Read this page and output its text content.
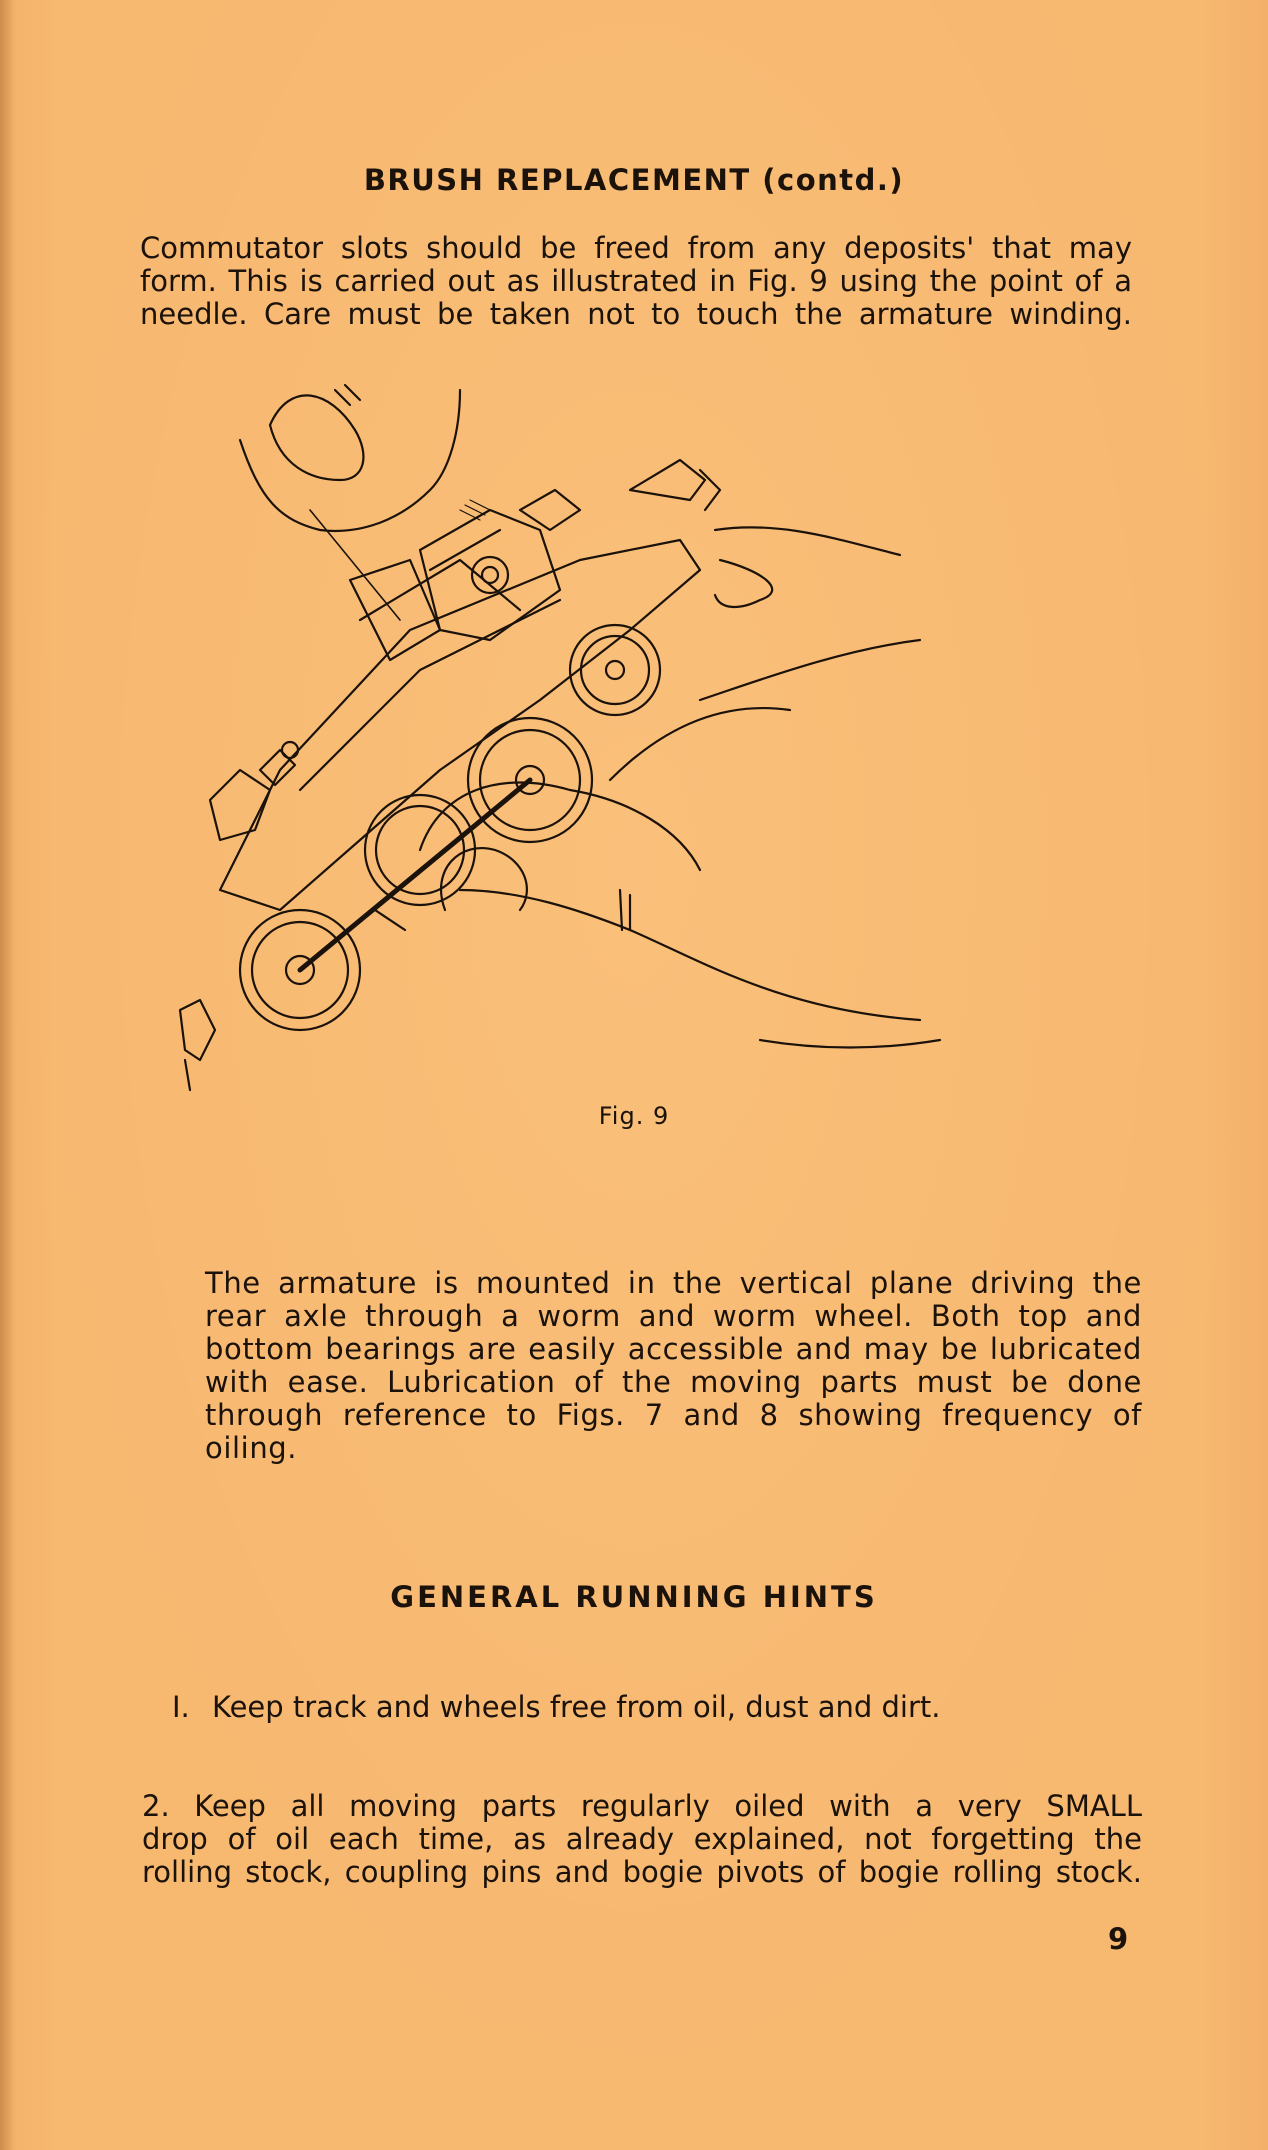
BRUSH REPLACEMENT (contd.)

Commutator slots should be freed from any deposits' that may
form. This is carried out as illustrated in Fig. 9 using the point of a
needle. Care must be taken not to touch the armature winding.

Fig. 9

The armature is mounted in the vertical plane driving the
rear axle through a worm and worm wheel. Both top and
bottom bearings are easily accessible and may be lubricated
with ease. Lubrication of the moving parts must be done
through reference to Figs. 7 and 8 showing frequency of oiling.

GENERAL RUNNING HINTS

I. Keep track and wheels free from oil, dust and dirt.

2. Keep all moving parts regularly oiled with a very SMALL
drop of oil each time, as already explained, not forgetting the
rolling stock, coupling pins and bogie pivots of bogie rolling stock.

9
